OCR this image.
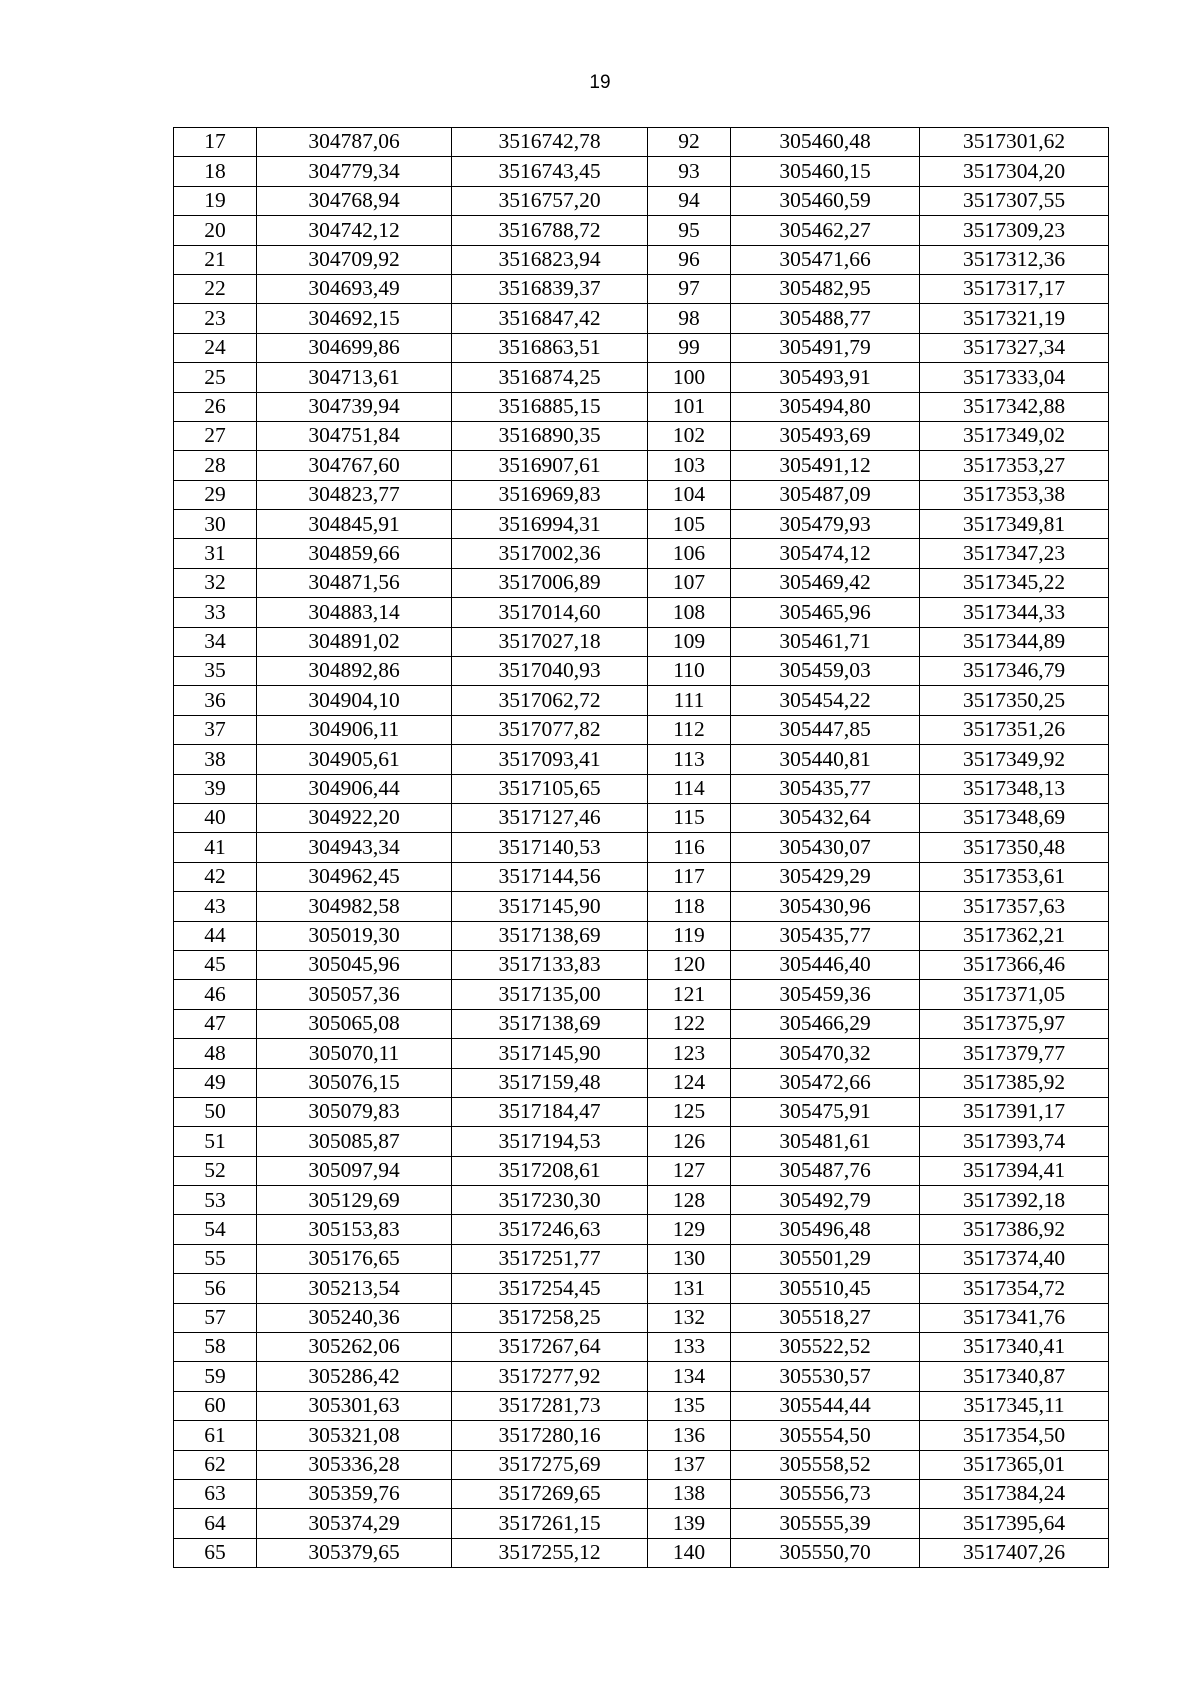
19
17	304787,06	3516742,78	92	305460,48	3517301,62
18	304779,34	3516743,45	93	305460,15	3517304,20
19	304768,94	3516757,20	94	305460,59	3517307,55
20	304742,12	3516788,72	95	305462,27	3517309,23
21	304709,92	3516823,94	96	305471,66	3517312,36
22	304693,49	3516839,37	97	305482,95	3517317,17
23	304692,15	3516847,42	98	305488,77	3517321,19
24	304699,86	3516863,51	99	305491,79	3517327,34
25	304713,61	3516874,25	100	305493,91	3517333,04
26	304739,94	3516885,15	101	305494,80	3517342,88
27	304751,84	3516890,35	102	305493,69	3517349,02
28	304767,60	3516907,61	103	305491,12	3517353,27
29	304823,77	3516969,83	104	305487,09	3517353,38
30	304845,91	3516994,31	105	305479,93	3517349,81
31	304859,66	3517002,36	106	305474,12	3517347,23
32	304871,56	3517006,89	107	305469,42	3517345,22
33	304883,14	3517014,60	108	305465,96	3517344,33
34	304891,02	3517027,18	109	305461,71	3517344,89
35	304892,86	3517040,93	110	305459,03	3517346,79
36	304904,10	3517062,72	111	305454,22	3517350,25
37	304906,11	3517077,82	112	305447,85	3517351,26
38	304905,61	3517093,41	113	305440,81	3517349,92
39	304906,44	3517105,65	114	305435,77	3517348,13
40	304922,20	3517127,46	115	305432,64	3517348,69
41	304943,34	3517140,53	116	305430,07	3517350,48
42	304962,45	3517144,56	117	305429,29	3517353,61
43	304982,58	3517145,90	118	305430,96	3517357,63
44	305019,30	3517138,69	119	305435,77	3517362,21
45	305045,96	3517133,83	120	305446,40	3517366,46
46	305057,36	3517135,00	121	305459,36	3517371,05
47	305065,08	3517138,69	122	305466,29	3517375,97
48	305070,11	3517145,90	123	305470,32	3517379,77
49	305076,15	3517159,48	124	305472,66	3517385,92
50	305079,83	3517184,47	125	305475,91	3517391,17
51	305085,87	3517194,53	126	305481,61	3517393,74
52	305097,94	3517208,61	127	305487,76	3517394,41
53	305129,69	3517230,30	128	305492,79	3517392,18
54	305153,83	3517246,63	129	305496,48	3517386,92
55	305176,65	3517251,77	130	305501,29	3517374,40
56	305213,54	3517254,45	131	305510,45	3517354,72
57	305240,36	3517258,25	132	305518,27	3517341,76
58	305262,06	3517267,64	133	305522,52	3517340,41
59	305286,42	3517277,92	134	305530,57	3517340,87
60	305301,63	3517281,73	135	305544,44	3517345,11
61	305321,08	3517280,16	136	305554,50	3517354,50
62	305336,28	3517275,69	137	305558,52	3517365,01
63	305359,76	3517269,65	138	305556,73	3517384,24
64	305374,29	3517261,15	139	305555,39	3517395,64
65	305379,65	3517255,12	140	305550,70	3517407,26
